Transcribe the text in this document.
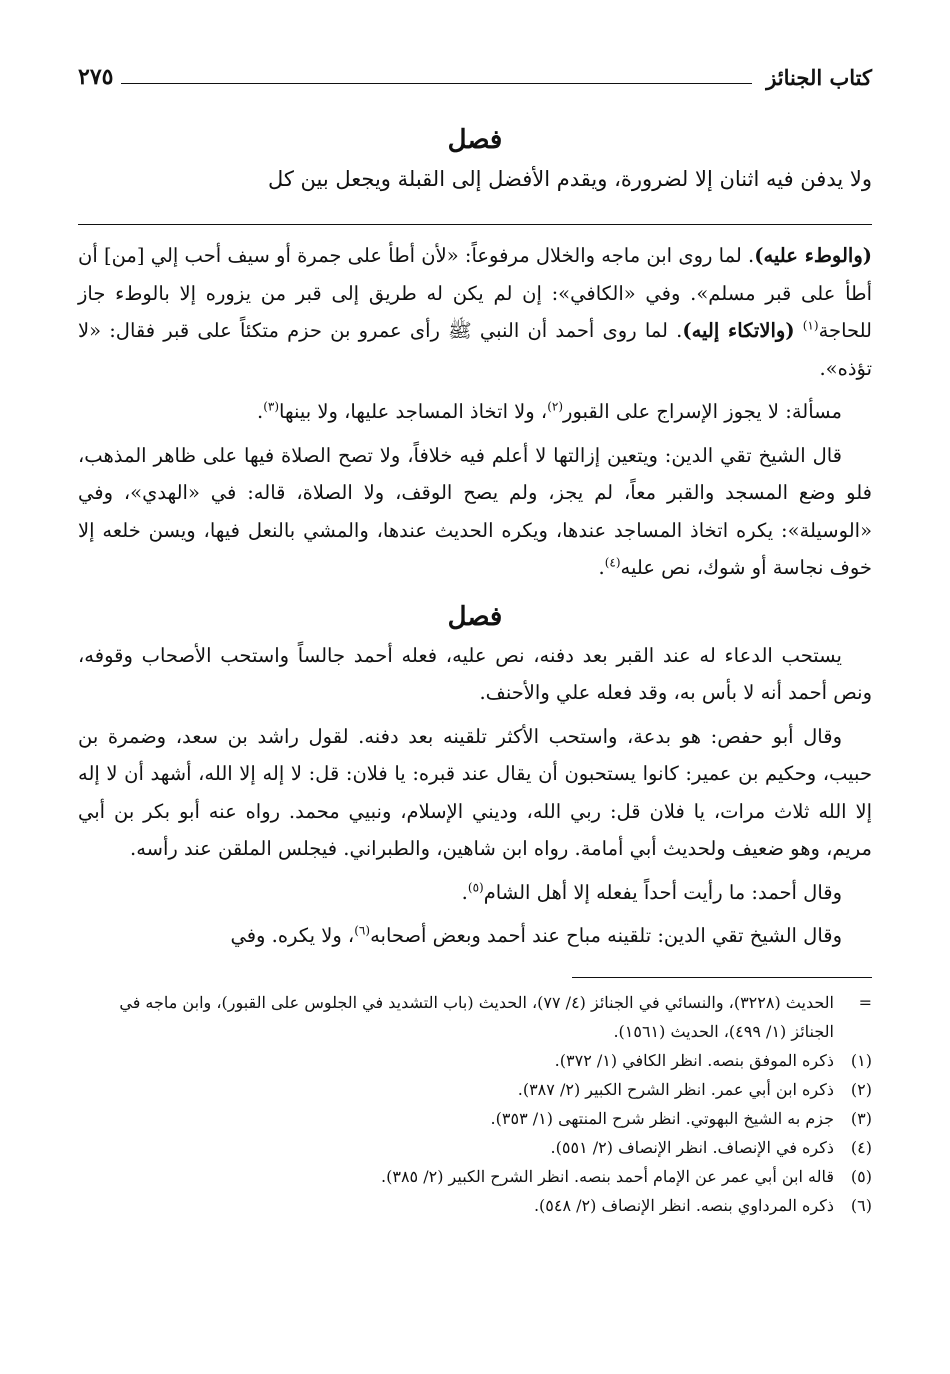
كتاب الجنائز
٢٧٥
فصل

ولا يدفن فيه اثنان إلا لضرورة، ويقدم الأفضل إلى القبلة ويجعل بين كل

(والوطء عليه). لما روى ابن ماجه والخلال مرفوعاً: «لأن أطأ على جمرة أو سيف أحب إلي [من] أن أطأ على قبر مسلم». وفي «الكافي»: إن لم يكن له طريق إلى قبر من يزوره إلا بالوطء جاز للحاجة$^{(١)}$ (والاتكاء إليه). لما روى أحمد أن النبي ﷺ رأى عمرو بن حزم متكئاً على قبر فقال: «لا تؤذه».

مسألة: لا يجوز الإسراج على القبور$^{(٢)}$، ولا اتخاذ المساجد عليها، ولا بينها$^{(٣)}$.

قال الشيخ تقي الدين: ويتعين إزالتها لا أعلم فيه خلافاً، ولا تصح الصلاة فيها على ظاهر المذهب، فلو وضع المسجد والقبر معاً، لم يجز، ولم يصح الوقف، ولا الصلاة، قاله: في «الهدي»، وفي «الوسيلة»: يكره اتخاذ المساجد عندها، ويكره الحديث عندها، والمشي بالنعل فيها، ويسن خلعه إلا خوف نجاسة أو شوك، نص عليه$^{(٤)}$.

فصل

يستحب الدعاء له عند القبر بعد دفنه، نص عليه، فعله أحمد جالساً واستحب الأصحاب وقوفه، ونص أحمد أنه لا بأس به، وقد فعله علي والأحنف.

وقال أبو حفص: هو بدعة، واستحب الأكثر تلقينه بعد دفنه. لقول راشد بن سعد، وضمرة بن حبيب، وحكيم بن عمير: كانوا يستحبون أن يقال عند قبره: يا فلان: قل: لا إله إلا الله، أشهد أن لا إله إلا الله ثلاث مرات، يا فلان قل: ربي الله، وديني الإسلام، ونبيي محمد. رواه عنه أبو بكر بن أبي مريم، وهو ضعيف ولحديث أبي أمامة. رواه ابن شاهين، والطبراني. فيجلس الملقن عند رأسه.

وقال أحمد: ما رأيت أحداً يفعله إلا أهل الشام$^{(٥)}$.

وقال الشيخ تقي الدين: تلقينه مباح عند أحمد وبعض أصحابه$^{(٦)}$، ولا يكره. وفي

=
الحديث (٣٢٢٨)، والنسائي في الجنائز (٤/ ٧٧)، الحديث (باب التشديد في الجلوس على القبور)، وابن ماجه في الجنائز (١/ ٤٩٩)، الحديث (١٥٦١).

(١)
ذكره الموفق بنصه. انظر الكافي (١/ ٣٧٢).

(٢)
ذكره ابن أبي عمر. انظر الشرح الكبير (٢/ ٣٨٧).

(٣)
جزم به الشيخ البهوتي. انظر شرح المنتهى (١/ ٣٥٣).

(٤)
ذكره في الإنصاف. انظر الإنصاف (٢/ ٥٥١).

(٥)
قاله ابن أبي عمر عن الإمام أحمد بنصه. انظر الشرح الكبير (٢/ ٣٨٥).

(٦)
ذكره المرداوي بنصه. انظر الإنصاف (٢/ ٥٤٨).
